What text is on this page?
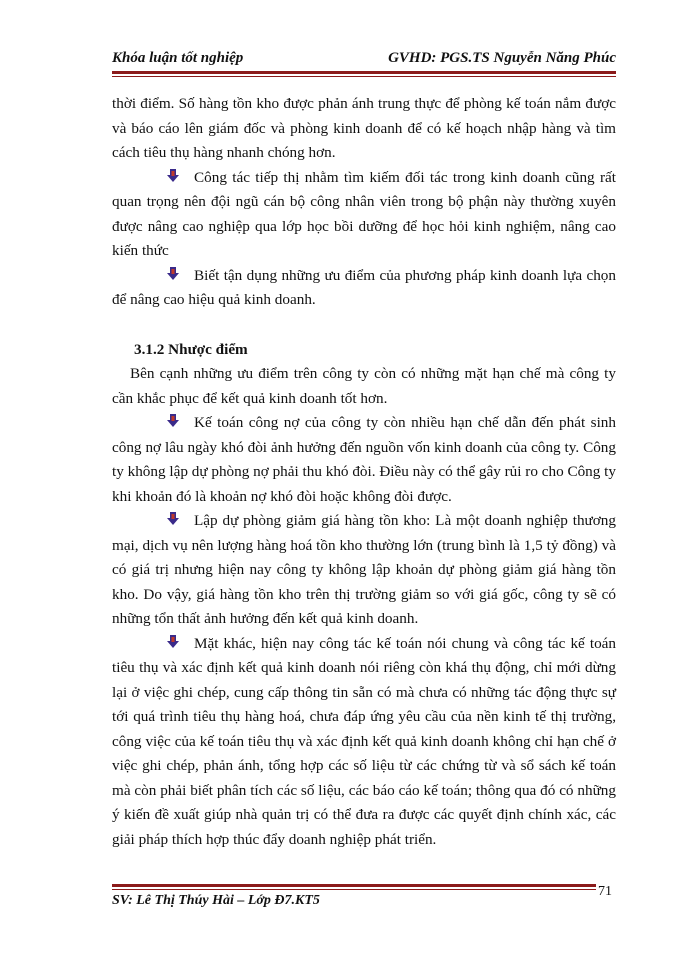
Khóa luận tốt nghiệp	GVHD: PGS.TS Nguyễn Năng Phúc

thời điểm. Số hàng tồn kho được phản ánh trung thực để phòng kế toán nắm được và báo cáo lên giám đốc và phòng kinh doanh để có kế hoạch nhập hàng và tìm cách tiêu thụ hàng nhanh chóng hơn.

Công tác tiếp thị nhằm tìm kiếm đối tác trong kinh doanh cũng rất quan trọng nên đội ngũ cán bộ công nhân viên trong bộ phận này thường xuyên được nâng cao nghiệp qua lớp học bồi dưỡng để học hỏi kinh nghiệm, nâng cao kiến thức

Biết tận dụng những ưu điểm của phương pháp kinh doanh lựa chọn để nâng cao hiệu quả kinh doanh.

3.1.2 Nhược điểm

Bên cạnh những ưu điểm trên công ty còn có những mặt hạn chế mà công ty cần khắc phục để kết quả kinh doanh tốt hơn.

Kế toán công nợ của công ty còn nhiều hạn chế dẫn đến phát sinh công nợ lâu ngày khó đòi ảnh hưởng đến nguồn vốn kinh doanh của công ty. Công ty không lập dự phòng nợ phải thu khó đòi. Điều này có thể gây rủi ro cho Công ty khi khoản đó là khoản nợ khó đòi hoặc không đòi được.

Lập dự phòng giảm giá hàng tồn kho: Là một doanh nghiệp thương mại, dịch vụ nên lượng hàng hoá tồn kho thường lớn (trung bình là 1,5 tỷ đồng) và có giá trị nhưng hiện nay công ty không lập khoản dự phòng giảm giá hàng tồn kho. Do vậy, giá hàng tồn kho trên thị trường giảm so với giá gốc, công ty sẽ có những tổn thất ảnh hưởng đến kết quả kinh doanh.

Mặt khác, hiện nay công tác kế toán nói chung và công tác kế toán tiêu thụ và xác định kết quả kinh doanh nói riêng còn khá thụ động, chỉ mới dừng lại ở việc ghi chép, cung cấp thông tin sẵn có mà chưa có những tác động thực sự tới quá trình tiêu thụ hàng hoá, chưa đáp ứng yêu cầu của nền kinh tế thị trường, công việc của kế toán tiêu thụ và xác định kết quả kinh doanh không chỉ hạn chế ở việc ghi chép, phản ánh, tổng hợp các số liệu từ các chứng từ và sổ sách kế toán mà còn phải biết phân tích các số liệu, các báo cáo kế toán; thông qua đó có những ý kiến đề xuất giúp nhà quản trị có thể đưa ra được các quyết định chính xác, các giải pháp thích hợp thúc đẩy doanh nghiệp phát triển.

SV: Lê Thị Thúy Hài – Lớp Đ7.KT5
71
